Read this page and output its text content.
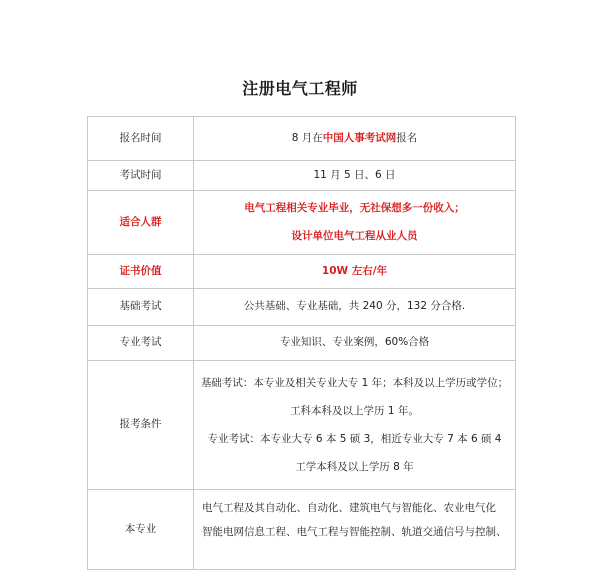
注册电气工程师
报名时间	8 月在中国人事考试网报名
考试时间	11 月 5 日、6 日
适合人群	电气工程相关专业毕业，无社保想多一份收入；
设计单位电气工程从业人员

证书价值	10W 左右/年
基础考试	公共基础、专业基础，共 240 分，132 分合格.
专业考试	专业知识、专业案例，60%合格
报考条件	基础考试：本专业及相关专业大专 1 年；本科及以上学历或学位；
工科本科及以上学历 1 年。
专业考试：本专业大专 6 本 5 硕 3，相近专业大专 7 本 6 硕 4
工学本科及以上学历 8 年

本专业	电气工程及其自动化、自动化、建筑电气与智能化、农业电气化
智能电网信息工程、电气工程与智能控制、轨道交通信号与控制、
